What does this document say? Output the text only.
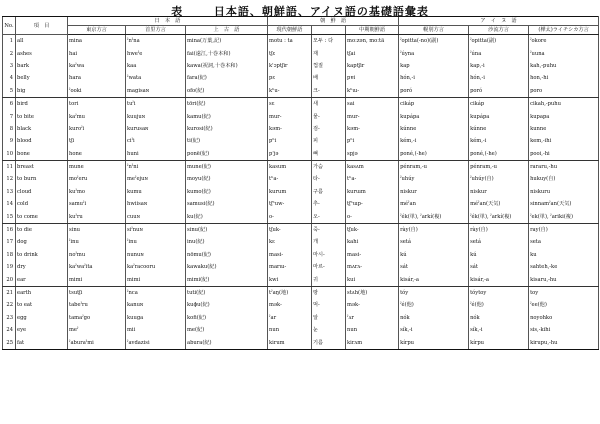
表	日本語、朝鮮語、アイヌ語の基礎語彙表
No.	項　目	日　本　語			朝　鮮　語			ア　イ　ヌ　語		
		東京方言	首里方言	上　古　語	現代朝鮮語		中期朝鮮語	幌別方言	沙流方言	(樺太)ライチシカ方言
1	all	mina	ˀnˀna	mina(万葉,記)	motu : ta	모두 : 다	mo:zǝn, mo:tä	ˀopitta(-no)(副)	ˀopitta(副)	ˀokore
2	ashes	hai	hweˀe	fai(遠江,十巻本和)	tʃε	재	tʃai	ˀúyna	ˀúna	ˀuuna
3	bark	kaˀwa	kaa	kawa(祝詞,十巻本和)	k'ɔptʃir	껍질	kaptʃir	kap	kap,-i	kah,-puhu
4	belly	hara	ˀwata	fara(紀)	pε	배	pɐi	hón,-i	hón,-i	hon,-hi
5	big	ˀooki	magisaɴ	ofo(紀)	kʰu-	크-	kʰɯ-	poró	poró	poro
6	bird	tori	tuˀi	töri(紀)	sε	새	sai	cikáp	cikáp	cikah,-puhu
7	to bite	kaˀmu	kuujuɴ	kamu(紀)	mur-	물-	mur-	kupápa	kupápa	kupapa
8	black	kuroˀi	kurusaɴ	kurosi(紀)	kəm-	검-	kəm-	kúnne	kúnne	kunne
9	blood	tʃi	ciˀi	ti(紀)	pʰi	피	pʰi	kém,-i	kém,-i	kem,-ihi
10	bone	hone	huni	ponë(紀)	p'jə	뼈	spjə	poné,(-he)	poné,(-he)	pooi,-hi
11	breast	mune	ˀnˀni	mune(紀)	kasum	가슴	kasʌm	pénram,-u	pénram,-u	rararu,-hu
12	to burn	moˀeru	meˀejuɴ	moyu(紀)	tʰa-	타-	tʰa-	ˀuhúy	ˀuhúy(自)	hukuy(自)
13	cloud	kuˀmo	kumu	kumo(紀)	kurum	구름	kurɯm	niskur	niskur	niskuru
14	cold	samuˀi	hwiisaɴ	samusi(紀)	tʃʰuw-	추-	tʃʰɯp-	méˀan	méˀan(天気)	sinnamˀan(天気)
15	to come	kuˀru	cuuɴ	ku(紀)	o-	오-	o-	ˀék(単), ˀarkí(複)	ˀék(単), ˀarkí(複)	ˀek(単), ˀariki(複)
16	to die	sinu	siˀnuɴ	sinu(紀)	tʃuk-	죽-	tʃuk-	rày(自)	rày(自)	ray(自)
17	dog	ˀinu	ˀinu	inu(紀)	kε	개	kahi	setá	setá	seta
18	to drink	noˀmu	nunuɴ	nömu(紀)	masi-	마시-	masi-	kú	kú	ku
19	dry	kaˀwaˀita	kaˀracooru	kawaku(紀)	marɯ-	마르-	mʌrʌ-	sát	sát	sahteh,-ke
20	ear	mimi	mimi	mimi(紀)	kwi	귀	kui	kisár,-a	kisár,-a	kisaru,-hu
21	earth	tsutʃi	ˀnca	tuti(紀)	tˀaŋ(地)	땅	stʌh(地)	tóy	tóytoy	toy
22	to eat	tabeˀru	kanuɴ	kuɸu(紀)	mək-	먹-	mək-	ˀé(他)	ˀé(他)	ˀee(他)
23	egg	tamaˀgo	kuuga	kofi(紀)	ˀar	알	ˀʌr	nók	nók	noyohko
24	eye	meˀ	mii	me(紀)	nun	눈	nun	sík,-i	sík,-i	sis,-kihi
25	fat	ˀaburaˀmi	ˀavdazisi	abura(紀)	kirum	기름	kirʌm	kírpu	kírpu	kirupu,-hu
